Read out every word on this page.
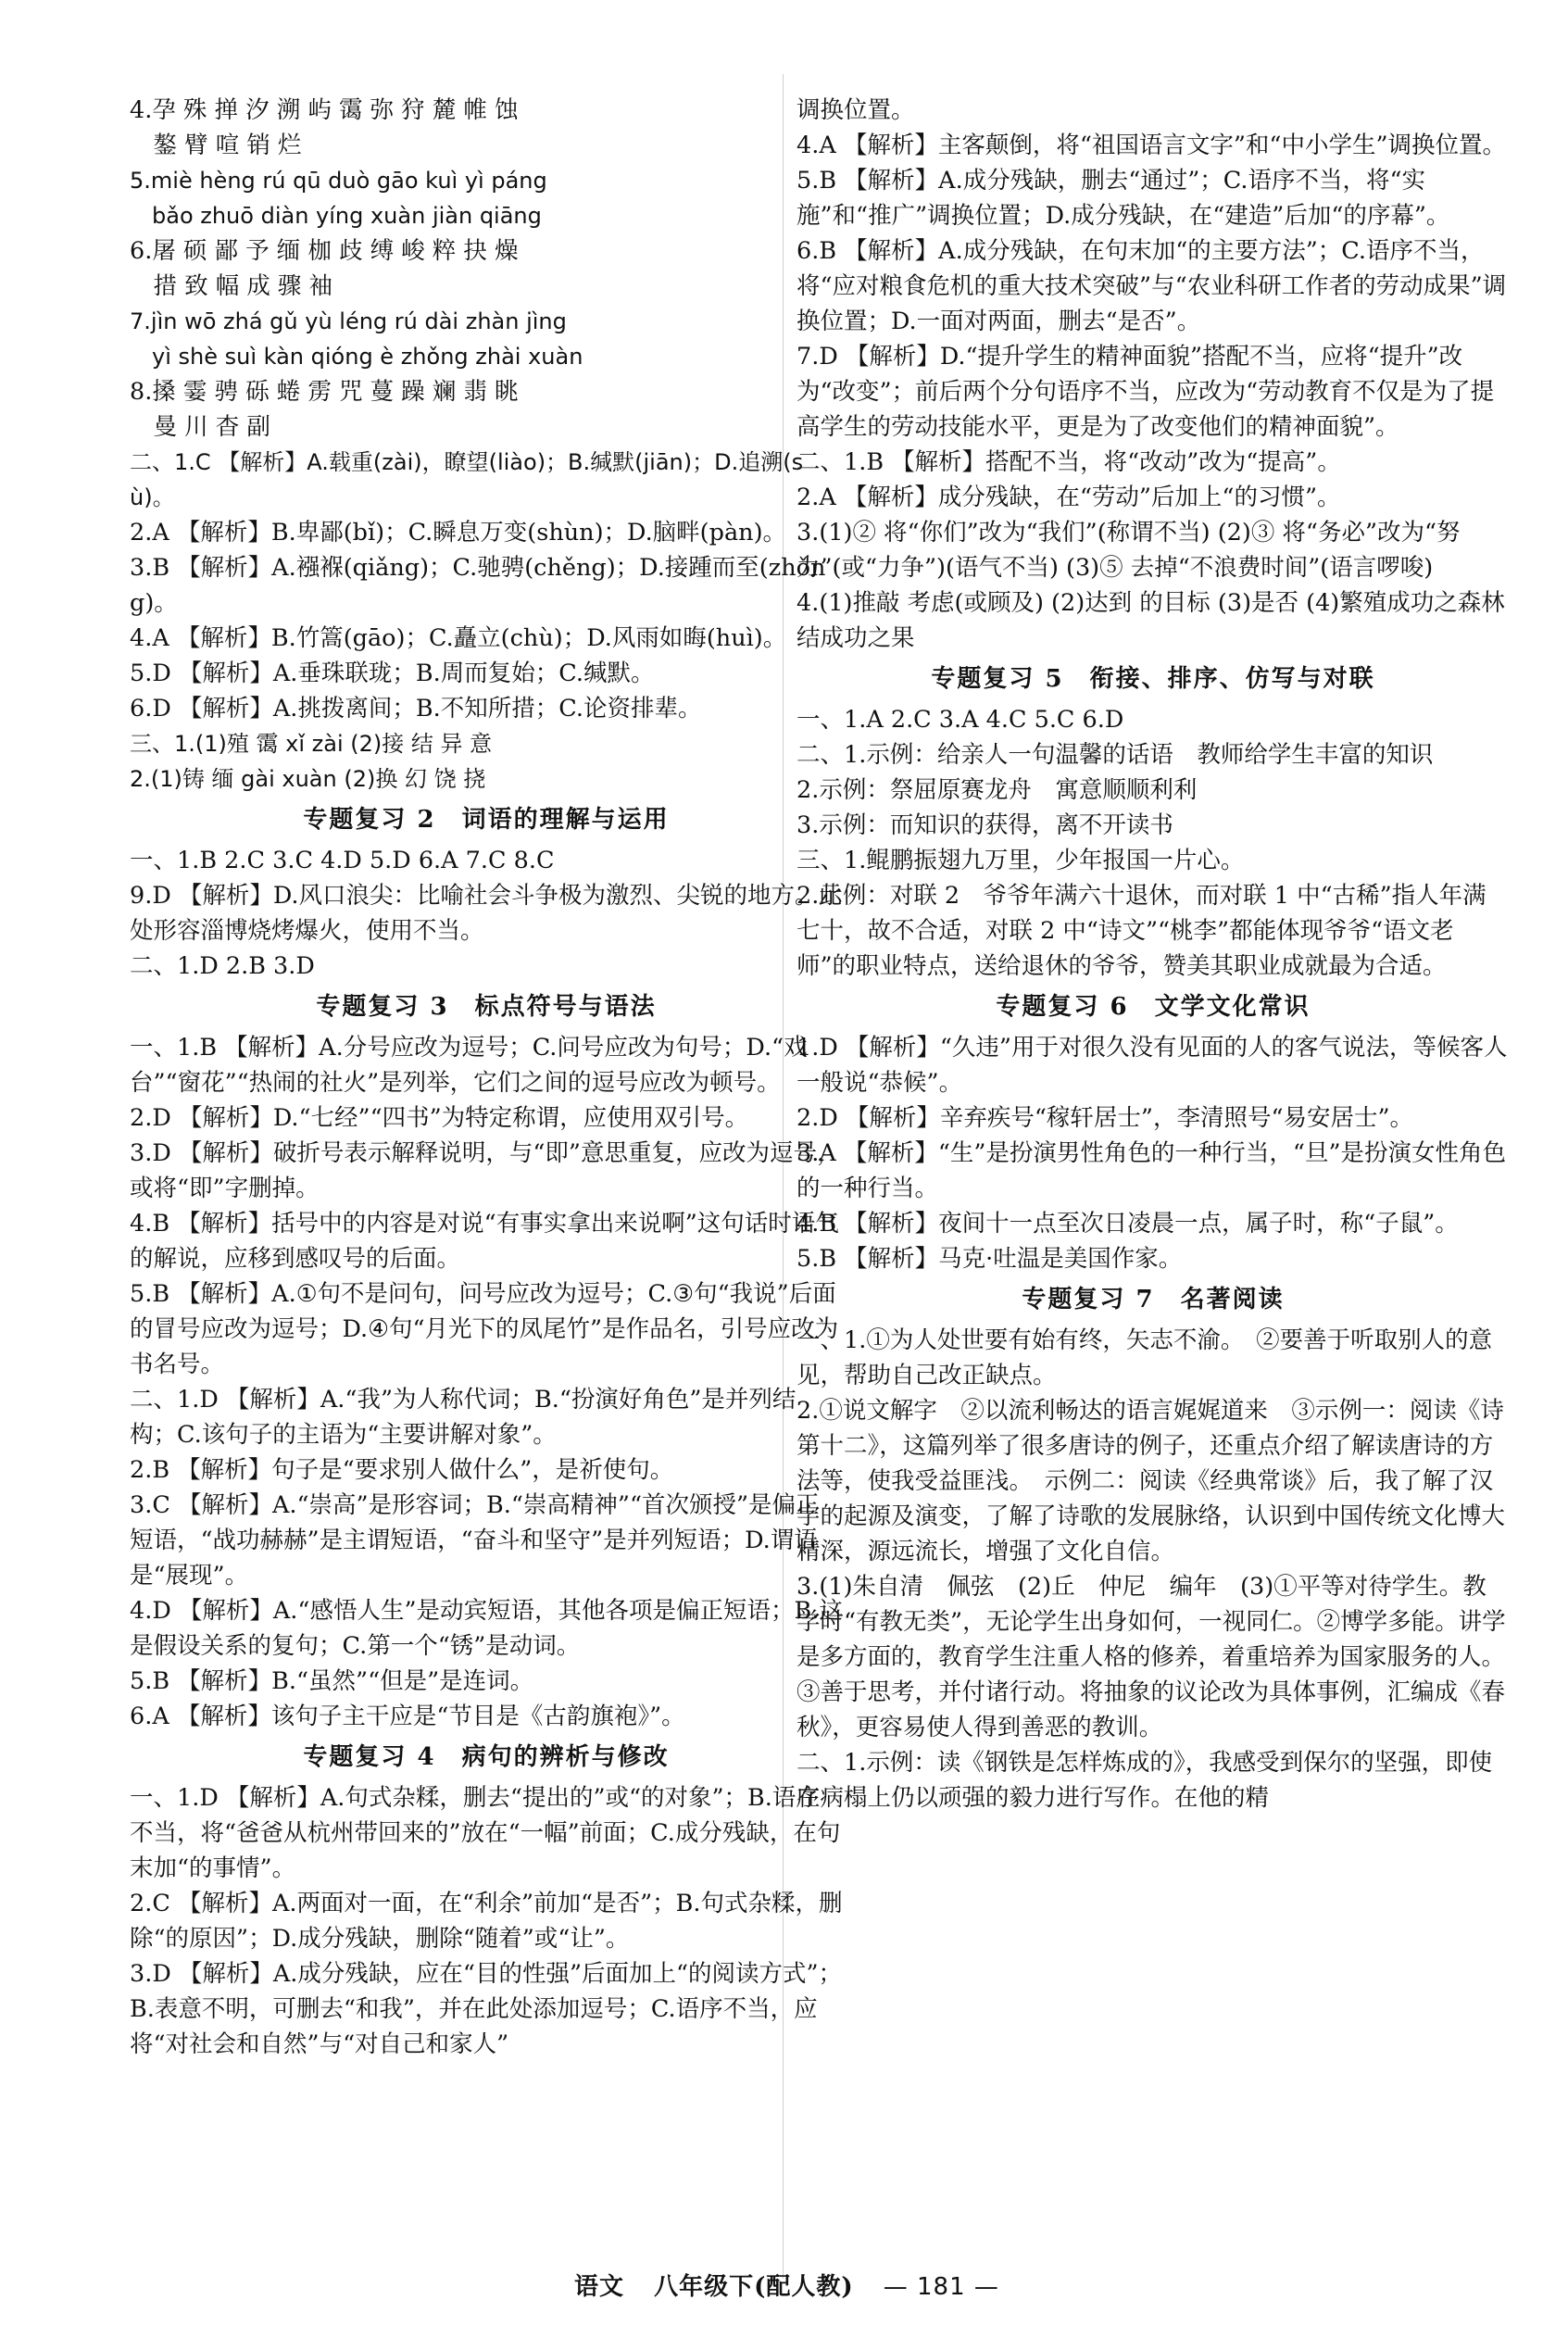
4.孕 殊 掸 汐 溯 屿 霭 弥 狩 麓 帷 蚀
　鏊 臂 喧 销 烂
5.miè hèng rú qū duò gāo kuì yì páng
　bǎo zhuō diàn yíng xuàn jiàn qiāng
6.屠 硕 鄙 予 缅 枷 歧 缚 峻 粹 抉 燥
　措 致 幅 成 骤 袖
7.jìn wō zhá gǔ yù léng rú dài zhàn jìng
　yì shè suì kàn qióng è zhǒng zhài xuàn
8.搡 霎 骋 砾 蜷 雳 咒 蔓 躁 斓 翡 眺
　曼 川 杳 副
二、1.C 【解析】A.载重(zài)，瞭望(liào)；B.缄默(jiān)；D.追溯(sù)。
2.A 【解析】B.卑鄙(bǐ)；C.瞬息万变(shùn)；D.脑畔(pàn)。
3.B 【解析】A.襁褓(qiǎng)；C.驰骋(chěng)；D.接踵而至(zhǒng)。
4.A 【解析】B.竹篙(gāo)；C.矗立(chù)；D.风雨如晦(huì)。
5.D 【解析】A.垂珠联珑；B.周而复始；C.缄默。
6.D 【解析】A.挑拨离间；B.不知所措；C.论资排辈。
三、1.(1)殖 霭 xǐ zài (2)接 结 异 意
2.(1)铸 缅 gài xuàn (2)换 幻 饶 挠
专题复习 2　词语的理解与运用
一、1.B 2.C 3.C 4.D 5.D 6.A 7.C 8.C
9.D 【解析】D.风口浪尖：比喻社会斗争极为激烈、尖锐的地方。此处形容淄博烧烤爆火，使用不当。
二、1.D 2.B 3.D
专题复习 3　标点符号与语法
一、1.B 【解析】A.分号应改为逗号；C.问号应改为句号；D.“戏台”“窗花”“热闹的社火”是列举，它们之间的逗号应改为顿号。
2.D 【解析】D.“七经”“四书”为特定称谓，应使用双引号。
3.D 【解析】破折号表示解释说明，与“即”意思重复，应改为逗号，或将“即”字删掉。
4.B 【解析】括号中的内容是对说“有事实拿出来说啊”这句话时语气的解说，应移到感叹号的后面。
5.B 【解析】A.①句不是问句，问号应改为逗号；C.③句“我说”后面的冒号应改为逗号；D.④句“月光下的凤尾竹”是作品名，引号应改为书名号。
二、1.D 【解析】A.“我”为人称代词；B.“扮演好角色”是并列结构；C.该句子的主语为“主要讲解对象”。
2.B 【解析】句子是“要求别人做什么”，是祈使句。
3.C 【解析】A.“崇高”是形容词；B.“崇高精神”“首次颁授”是偏正短语，“战功赫赫”是主谓短语，“奋斗和坚守”是并列短语；D.谓语是“展现”。
4.D 【解析】A.“感悟人生”是动宾短语，其他各项是偏正短语；B.这是假设关系的复句；C.第一个“锈”是动词。
5.B 【解析】B.“虽然”“但是”是连词。
6.A 【解析】该句子主干应是“节目是《古韵旗袍》”。
专题复习 4　病句的辨析与修改
一、1.D 【解析】A.句式杂糅，删去“提出的”或“的对象”；B.语序不当，将“爸爸从杭州带回来的”放在“一幅”前面；C.成分残缺，在句末加“的事情”。
2.C 【解析】A.两面对一面，在“利余”前加“是否”；B.句式杂糅，删除“的原因”；D.成分残缺，删除“随着”或“让”。
3.D 【解析】A.成分残缺，应在“目的性强”后面加上“的阅读方式”；B.表意不明，可删去“和我”，并在此处添加逗号；C.语序不当，应将“对社会和自然”与“对自己和家人”
调换位置。
4.A 【解析】主客颠倒，将“祖国语言文字”和“中小学生”调换位置。
5.B 【解析】A.成分残缺，删去“通过”；C.语序不当，将“实施”和“推广”调换位置；D.成分残缺，在“建造”后加“的序幕”。
6.B 【解析】A.成分残缺，在句末加“的主要方法”；C.语序不当，将“应对粮食危机的重大技术突破”与“农业科研工作者的劳动成果”调换位置；D.一面对两面，删去“是否”。
7.D 【解析】D.“提升学生的精神面貌”搭配不当，应将“提升”改为“改变”；前后两个分句语序不当，应改为“劳动教育不仅是为了提高学生的劳动技能水平，更是为了改变他们的精神面貌”。
二、1.B 【解析】搭配不当，将“改动”改为“提高”。
2.A 【解析】成分残缺，在“劳动”后加上“的习惯”。
3.(1)② 将“你们”改为“我们”(称谓不当) (2)③ 将“务必”改为“努力”(或“力争”)(语气不当) (3)⑤ 去掉“不浪费时间”(语言啰唆)
4.(1)推敲 考虑(或顾及) (2)达到 的目标 (3)是否 (4)繁殖成功之森林 结成功之果
专题复习 5　衔接、排序、仿写与对联
一、1.A 2.C 3.A 4.C 5.C 6.D
二、1.示例：给亲人一句温馨的话语　教师给学生丰富的知识
2.示例：祭屈原赛龙舟　寓意顺顺利利
3.示例：而知识的获得，离不开读书
三、1.鲲鹏振翅九万里，少年报国一片心。
2.示例：对联 2　爷爷年满六十退休，而对联 1 中“古稀”指人年满七十，故不合适，对联 2 中“诗文”“桃李”都能体现爷爷“语文老师”的职业特点，送给退休的爷爷，赞美其职业成就最为合适。
专题复习 6　文学文化常识
1.D 【解析】“久违”用于对很久没有见面的人的客气说法，等候客人一般说“恭候”。
2.D 【解析】辛弃疾号“稼轩居士”，李清照号“易安居士”。
3.A 【解析】“生”是扮演男性角色的一种行当，“旦”是扮演女性角色的一种行当。
4.B 【解析】夜间十一点至次日凌晨一点，属子时，称“子鼠”。
5.B 【解析】马克·吐温是美国作家。
专题复习 7　名著阅读
一、1.①为人处世要有始有终，矢志不渝。　②要善于听取别人的意见，帮助自己改正缺点。
2.①说文解字　②以流利畅达的语言娓娓道来　③示例一：阅读《诗第十二》，这篇列举了很多唐诗的例子，还重点介绍了解读唐诗的方法等，使我受益匪浅。　示例二：阅读《经典常谈》后，我了解了汉字的起源及演变，了解了诗歌的发展脉络，认识到中国传统文化博大精深，源远流长，增强了文化自信。
3.(1)朱自清　佩弦　(2)丘　仲尼　编年　(3)①平等对待学生。教学时“有教无类”，无论学生出身如何，一视同仁。②博学多能。讲学是多方面的，教育学生注重人格的修养，着重培养为国家服务的人。③善于思考，并付诸行动。将抽象的议论改为具体事例，汇编成《春秋》，更容易使人得到善恶的教训。
二、1.示例：读《钢铁是怎样炼成的》，我感受到保尔的坚强，即使在病榻上仍以顽强的毅力进行写作。在他的精
语文 八年级下(配人教) — 181 —
